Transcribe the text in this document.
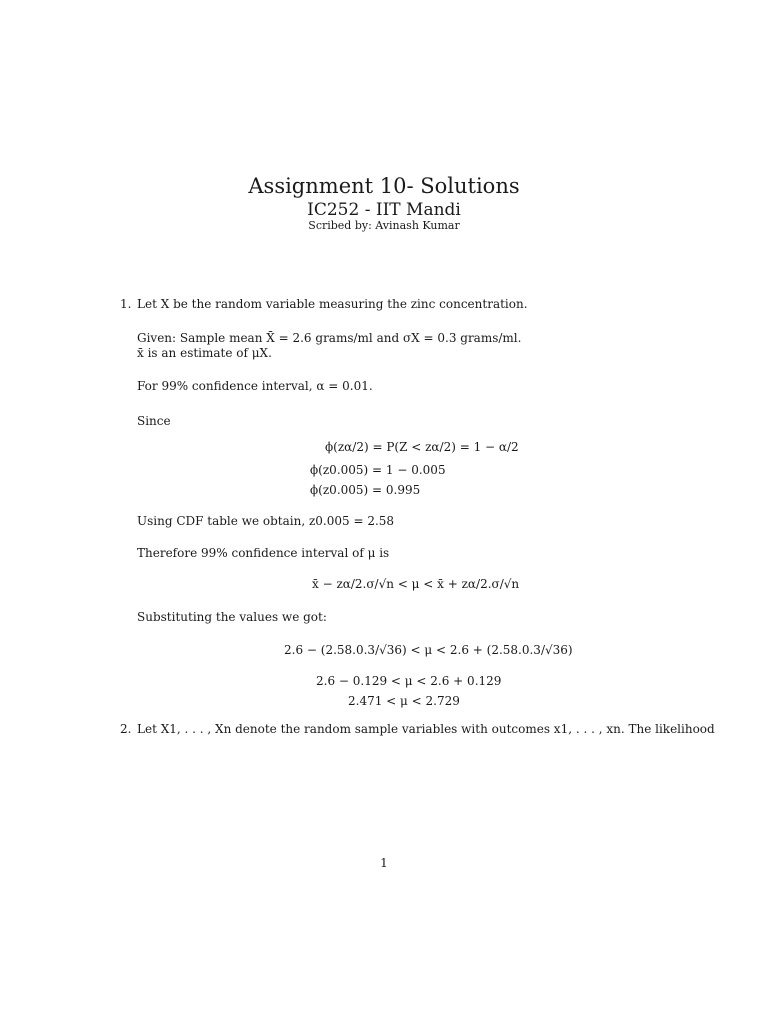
Assignment 10- Solutions
IC252 - IIT Mandi
Scribed by: Avinash Kumar
1. Let X be the random variable measuring the zinc concentration.
Given: Sample mean X̄ = 2.6 grams/ml and σX = 0.3 grams/ml.
x̄ is an estimate of μX.
For 99% confidence interval, α = 0.01.
Since
ϕ(zα/2) = P(Z < zα/2) = 1 − α/2
ϕ(z0.005) = 1 − 0.005
ϕ(z0.005) = 0.995
Using CDF table we obtain, z0.005 = 2.58
Therefore 99% confidence interval of μ is
x̄ − zα/2.σ/√n < μ < x̄ + zα/2.σ/√n
Substituting the values we got:
2.6 − (2.58.0.3/√36) < μ < 2.6 + (2.58.0.3/√36)
2.6 − 0.129 < μ < 2.6 + 0.129
2.471 < μ < 2.729
2. Let X1, . . . , Xn denote the random sample variables with outcomes x1, . . . , xn. The likelihood
1
